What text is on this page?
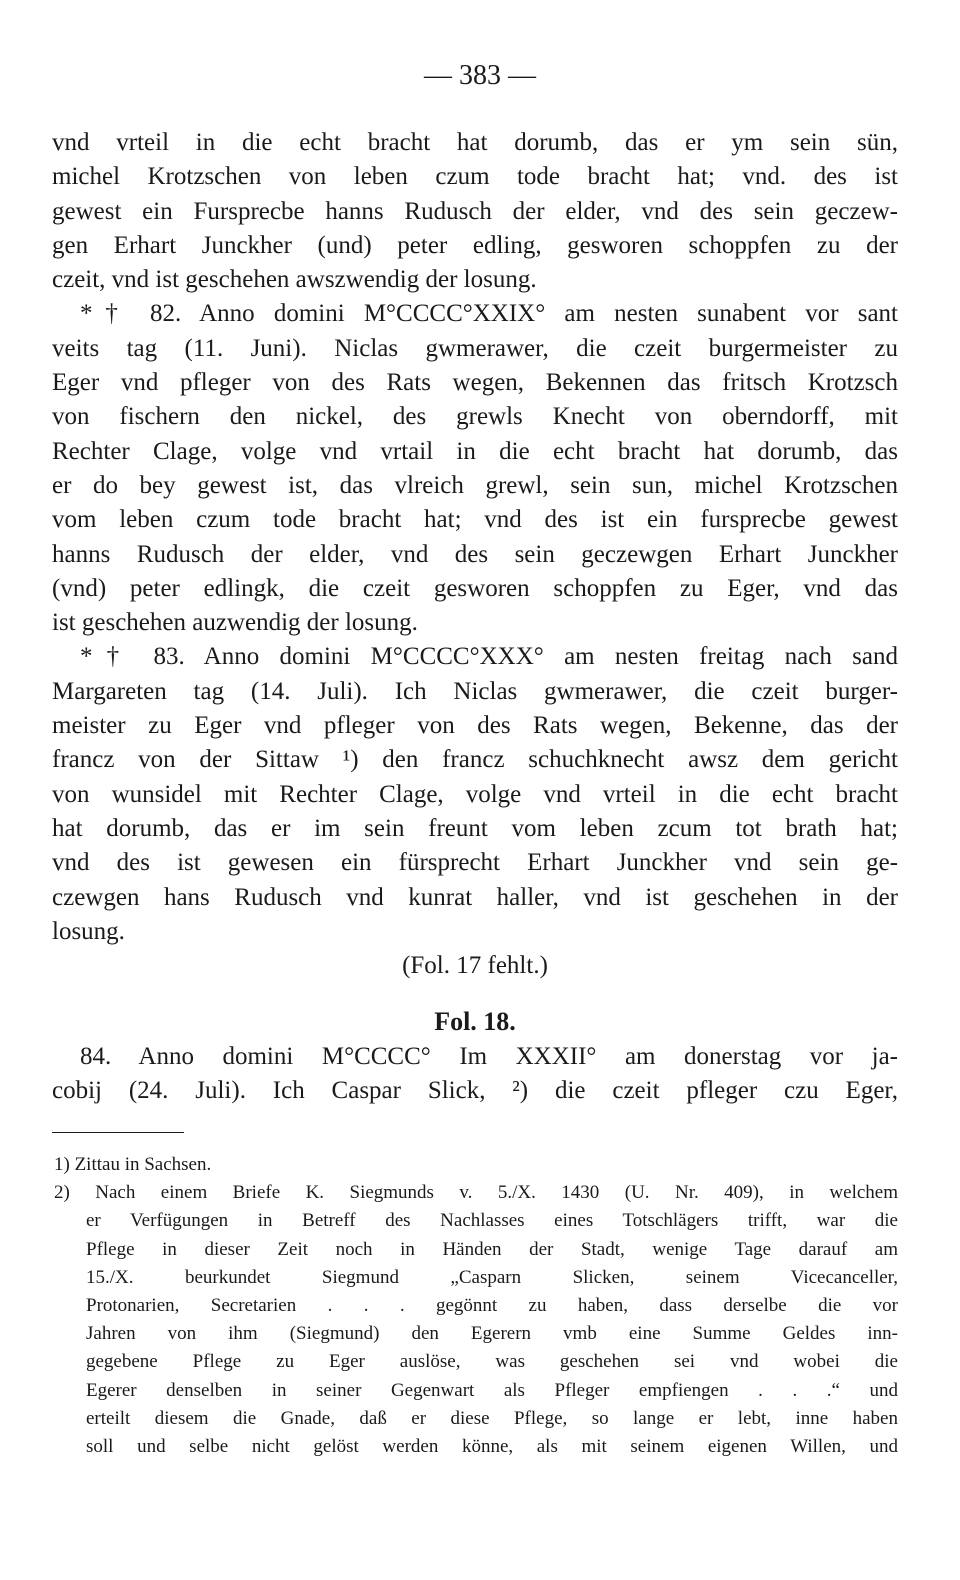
— 383 —
vnd vrteil in die echt bracht hat dorumb, das er ym sein sün,
michel Krotzschen von leben czum tode bracht hat; vnd. des ist
gewest ein Fursprecbe hanns Rudusch der elder, vnd des sein geczew-
gen Erhart Junckher (und) peter edling, gesworen schoppfen zu der
czeit, vnd ist geschehen awszwendig der losung.
*† 82. Anno domini M°CCCC°XXIX° am nesten sunabent vor sant
veits tag (11. Juni). Niclas gwmerawer, die czeit burgermeister zu
Eger vnd pfleger von des Rats wegen, Bekennen das fritsch Krotzsch
von fischern den nickel, des grewls Knecht von oberndorff, mit
Rechter Clage, volge vnd vrtail in die echt bracht hat dorumb, das
er do bey gewest ist, das vlreich grewl, sein sun, michel Krotzschen
vom leben czum tode bracht hat; vnd des ist ein fursprecbe gewest
hanns Rudusch der elder, vnd des sein geczewgen Erhart Junckher
(vnd) peter edlingk, die czeit gesworen schoppfen zu Eger, vnd das
ist geschehen auzwendig der losung.
*† 83. Anno domini M°CCCC°XXX° am nesten freitag nach sand
Margareten tag (14. Juli). Ich Niclas gwmerawer, die czeit burger-
meister zu Eger vnd pfleger von des Rats wegen, Bekenne, das der
francz von der Sittaw ¹) den francz schuchknecht awsz dem gericht
von wunsidel mit Rechter Clage, volge vnd vrteil in die echt bracht
hat dorumb, das er im sein freunt vom leben zcum tot brath hat;
vnd des ist gewesen ein fürsprecht Erhart Junckher vnd sein ge-
czewgen hans Rudusch vnd kunrat haller, vnd ist geschehen in der
losung.
(Fol. 17 fehlt.)
Fol. 18.
84. Anno domini M°CCCC° Im XXXII° am donerstag vor ja-
cobij (24. Juli). Ich Caspar Slick, ²) die czeit pfleger czu Eger,
1) Zittau in Sachsen.
2) Nach einem Briefe K. Siegmunds v. 5./X. 1430 (U. Nr. 409), in welchem
er Verfügungen in Betreff des Nachlasses eines Totschlägers trifft, war die
Pflege in dieser Zeit noch in Händen der Stadt, wenige Tage darauf am
15./X. beurkundet Siegmund „Casparn Slicken, seinem Vicecanceller,
Protonarien, Secretarien . . . gegönnt zu haben, dass derselbe die vor
Jahren von ihm (Siegmund) den Egerern vmb eine Summe Geldes inn-
gegebene Pflege zu Eger auslöse, was geschehen sei vnd wobei die
Egerer denselben in seiner Gegenwart als Pfleger empfiengen . . .“ und
erteilt diesem die Gnade, daß er diese Pflege, so lange er lebt, inne haben
soll und selbe nicht gelöst werden könne, als mit seinem eigenen Willen, und
